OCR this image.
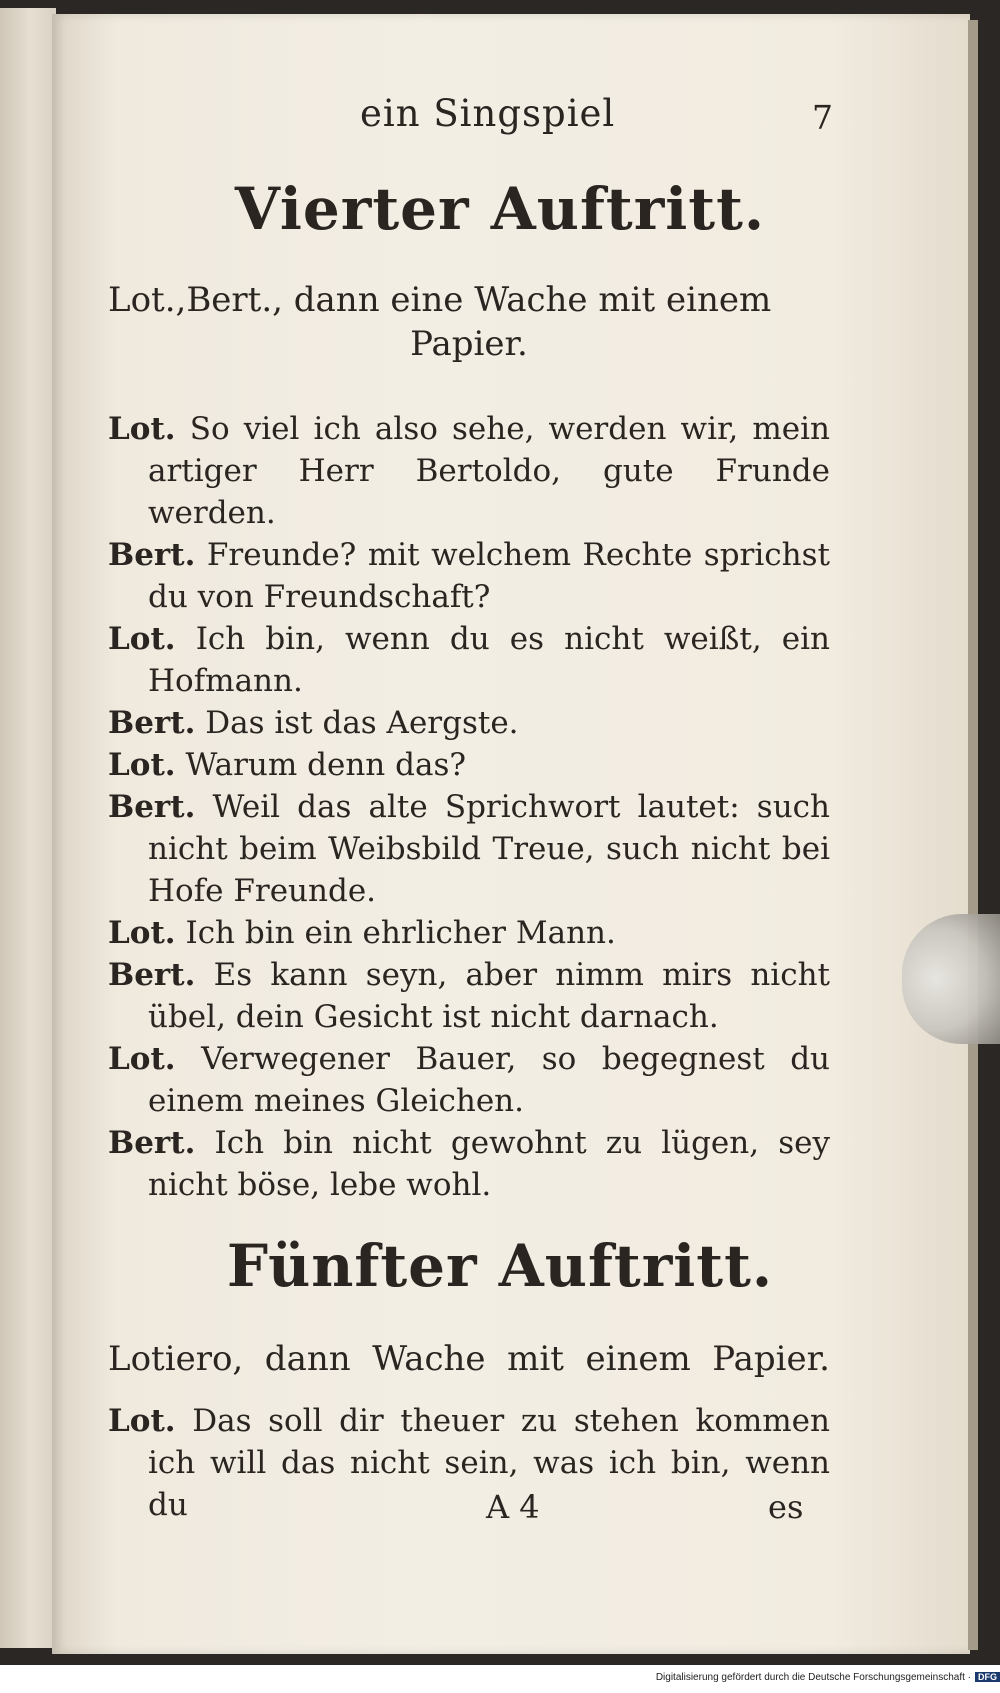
ein Singspiel	7
Vierter Auftritt.
Lot.,Bert., dann eine Wache mit einem
Papier.
Lot. So viel ich also sehe, werden wir, mein artiger Herr Bertoldo, gute Frunde werden.
Bert. Freunde? mit welchem Rechte sprichst du von Freundschaft?
Lot. Ich bin, wenn du es nicht weißt, ein Hofmann.
Bert. Das ist das Aergste.
Lot. Warum denn das?
Bert. Weil das alte Sprichwort lautet: such nicht beim Weibsbild Treue, such nicht bei Hofe Freunde.
Lot. Ich bin ein ehrlicher Mann.
Bert. Es kann seyn, aber nimm mirs nicht übel, dein Gesicht ist nicht darnach.
Lot. Verwegener Bauer, so begegnest du einem meines Gleichen.
Bert. Ich bin nicht gewohnt zu lügen, sey nicht böse, lebe wohl.
Fünfter Auftritt.
Lotiero, dann Wache mit einem Papier.
Lot. Das soll dir theuer zu stehen kommen ich will das nicht sein, was ich bin, wenn du	A 4	es
Digitalisierung gefördert durch die Deutsche Forschungsgemeinschaft · DFG
